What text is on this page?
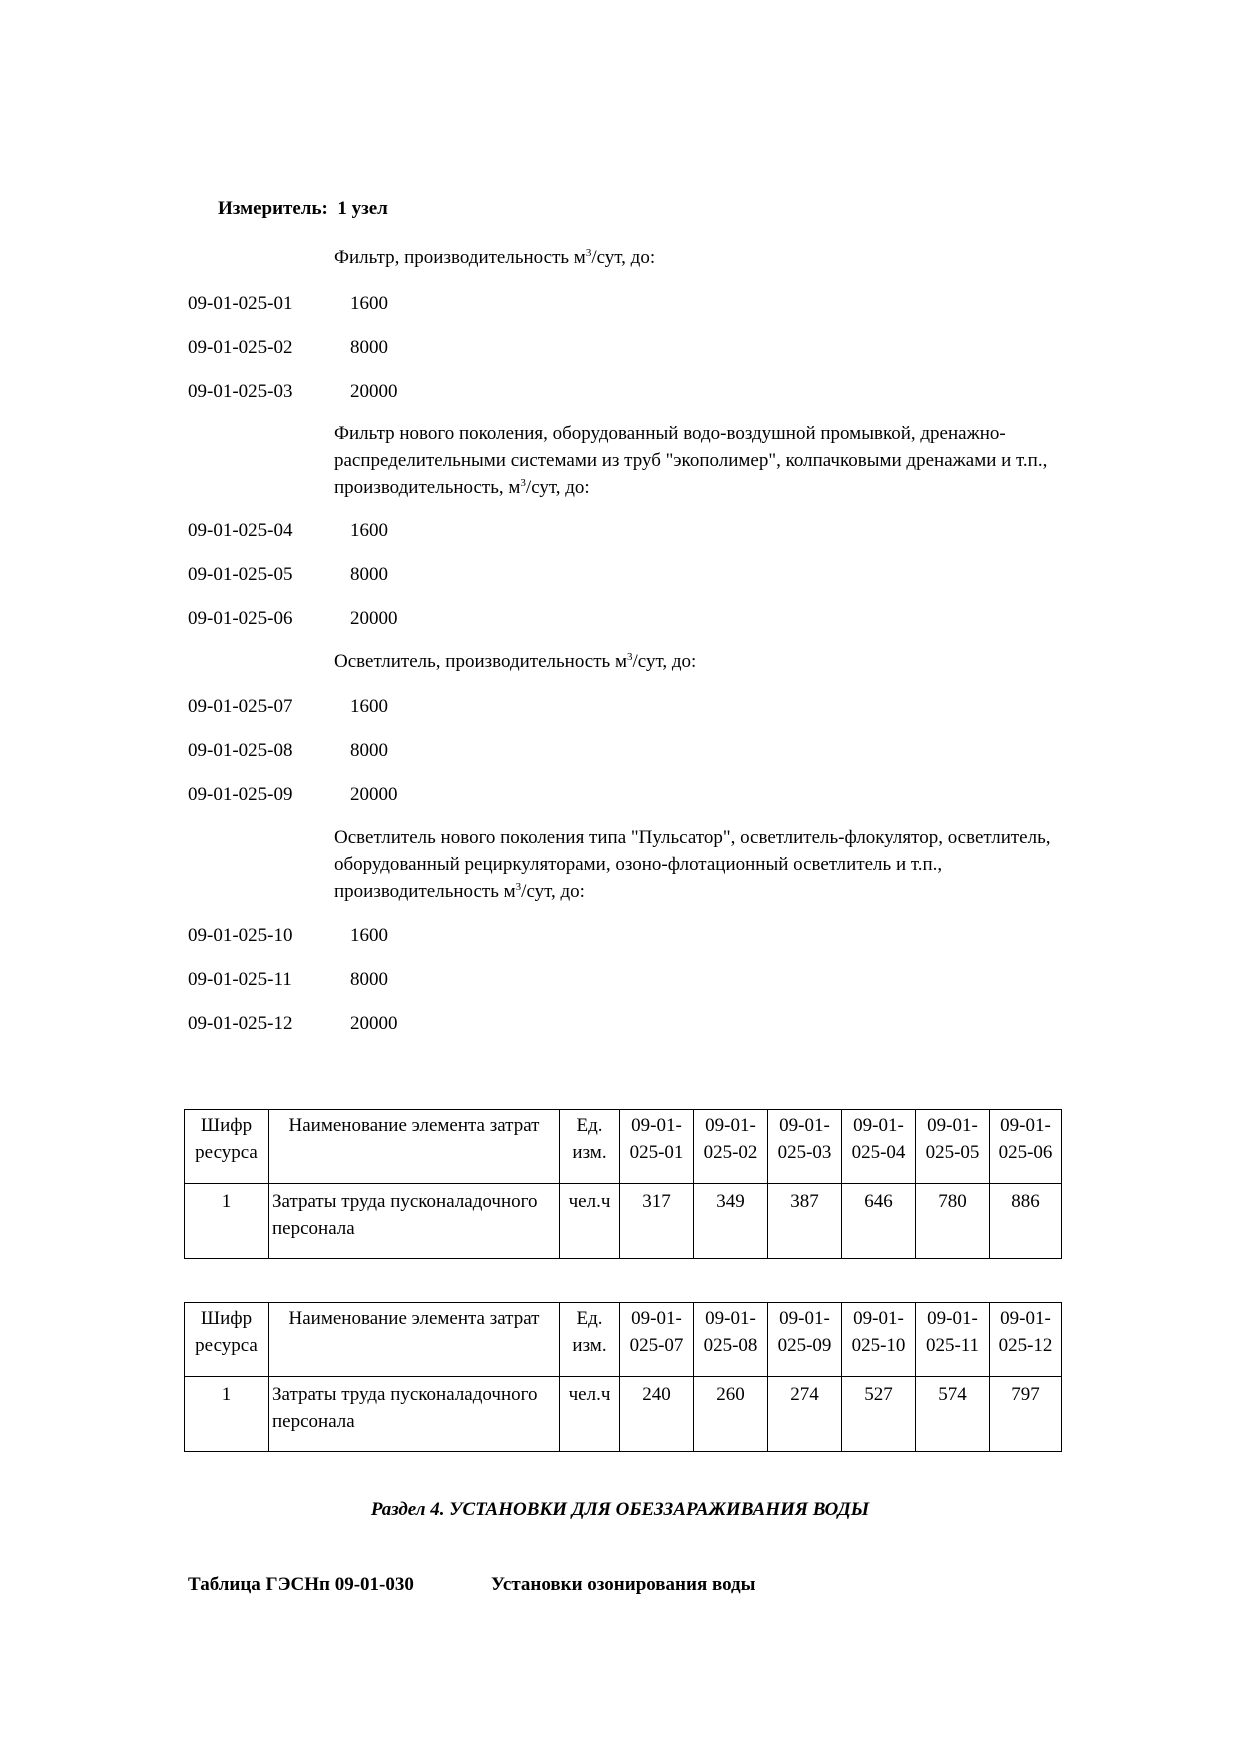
Измеритель: 1 узел
Фильтр, производительность $м^3$/сут, до:
09-01-025-01	1600
09-01-025-02	8000
09-01-025-03	20000
Фильтр нового поколения, оборудованный водо-воздушной промывкой, дренажно-распределительными системами из труб "экополимер", колпачковыми дренажами и т.п., производительность, $м^3$/сут, до:
09-01-025-04	1600
09-01-025-05	8000
09-01-025-06	20000
Осветлитель, производительность $м^3$/сут, до:
09-01-025-07	1600
09-01-025-08	8000
09-01-025-09	20000
Осветлитель нового поколения типа "Пульсатор", осветлитель-флокулятор, осветлитель, оборудованный рециркуляторами, озоно-флотационный осветлитель и т.п., производительность $м^3$/сут, до:
09-01-025-10	1600
09-01-025-11	8000
09-01-025-12	20000
Шифр ресурса	Наименование элемента затрат	Ед. изм.	09-01-025-01	09-01-025-02	09-01-025-03	09-01-025-04	09-01-025-05	09-01-025-06
1	Затраты труда пусконаладочного персонала	чел.ч	317	349	387	646	780	886
Шифр ресурса	Наименование элемента затрат	Ед. изм.	09-01-025-07	09-01-025-08	09-01-025-09	09-01-025-10	09-01-025-11	09-01-025-12
1	Затраты труда пусконаладочного персонала	чел.ч	240	260	274	527	574	797
Раздел 4. УСТАНОВКИ ДЛЯ ОБЕЗЗАРАЖИВАНИЯ ВОДЫ
Таблица ГЭСНп 09-01-030	Установки озонирования воды
